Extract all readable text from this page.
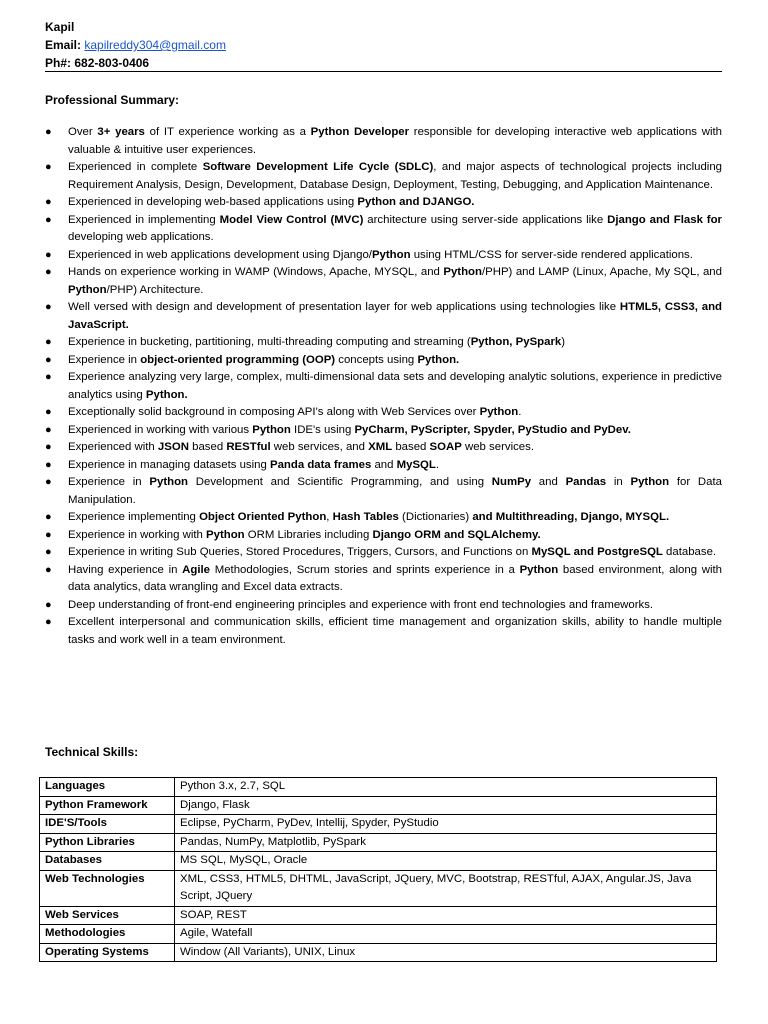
Kapil
Email: kapilreddy304@gmail.com
Ph#: 682-803-0406
Professional Summary:
● Over 3+ years of IT experience working as a Python Developer responsible for developing interactive web applications with valuable & intuitive user experiences.
● Experienced in complete Software Development Life Cycle (SDLC), and major aspects of technological projects including Requirement Analysis, Design, Development, Database Design, Deployment, Testing, Debugging, and Application Maintenance.
● Experienced in developing web-based applications using Python and DJANGO.
● Experienced in implementing Model View Control (MVC) architecture using server-side applications like Django and Flask for developing web applications.
● Experienced in web applications development using Django/Python using HTML/CSS for server-side rendered applications.
● Hands on experience working in WAMP (Windows, Apache, MYSQL, and Python/PHP) and LAMP (Linux, Apache, My SQL, and Python/PHP) Architecture.
● Well versed with design and development of presentation layer for web applications using technologies like HTML5, CSS3, and JavaScript.
● Experience in bucketing, partitioning, multi-threading computing and streaming (Python, PySpark)
● Experience in object-oriented programming (OOP) concepts using Python.
● Experience analyzing very large, complex, multi-dimensional data sets and developing analytic solutions, experience in predictive analytics using Python.
● Exceptionally solid background in composing API's along with Web Services over Python.
● Experienced in working with various Python IDE's using PyCharm, PyScripter, Spyder, PyStudio and PyDev.
● Experienced with JSON based RESTful web services, and XML based SOAP web services.
● Experience in managing datasets using Panda data frames and MySQL.
● Experience in Python Development and Scientific Programming, and using NumPy and Pandas in Python for Data Manipulation.
● Experience implementing Object Oriented Python, Hash Tables (Dictionaries) and Multithreading, Django, MYSQL.
● Experience in working with Python ORM Libraries including Django ORM and SQLAlchemy.
● Experience in writing Sub Queries, Stored Procedures, Triggers, Cursors, and Functions on MySQL and PostgreSQL database.
● Having experience in Agile Methodologies, Scrum stories and sprints experience in a Python based environment, along with data analytics, data wrangling and Excel data extracts.
● Deep understanding of front-end engineering principles and experience with front end technologies and frameworks.
● Excellent interpersonal and communication skills, efficient time management and organization skills, ability to handle multiple tasks and work well in a team environment.
Technical Skills:
Languages	Python 3.x, 2.7, SQL
Python Framework	Django, Flask
IDE'S/Tools	Eclipse, PyCharm, PyDev, Intellij, Spyder, PyStudio
Python Libraries	Pandas, NumPy, Matplotlib, PySpark
Databases	MS SQL, MySQL, Oracle
Web Technologies	XML, CSS3, HTML5, DHTML, JavaScript, JQuery, MVC, Bootstrap, RESTful, AJAX, Angular.JS, Java Script, JQuery
Web Services	SOAP, REST
Methodologies	Agile, Watefall
Operating Systems	Window (All Variants), UNIX, Linux
